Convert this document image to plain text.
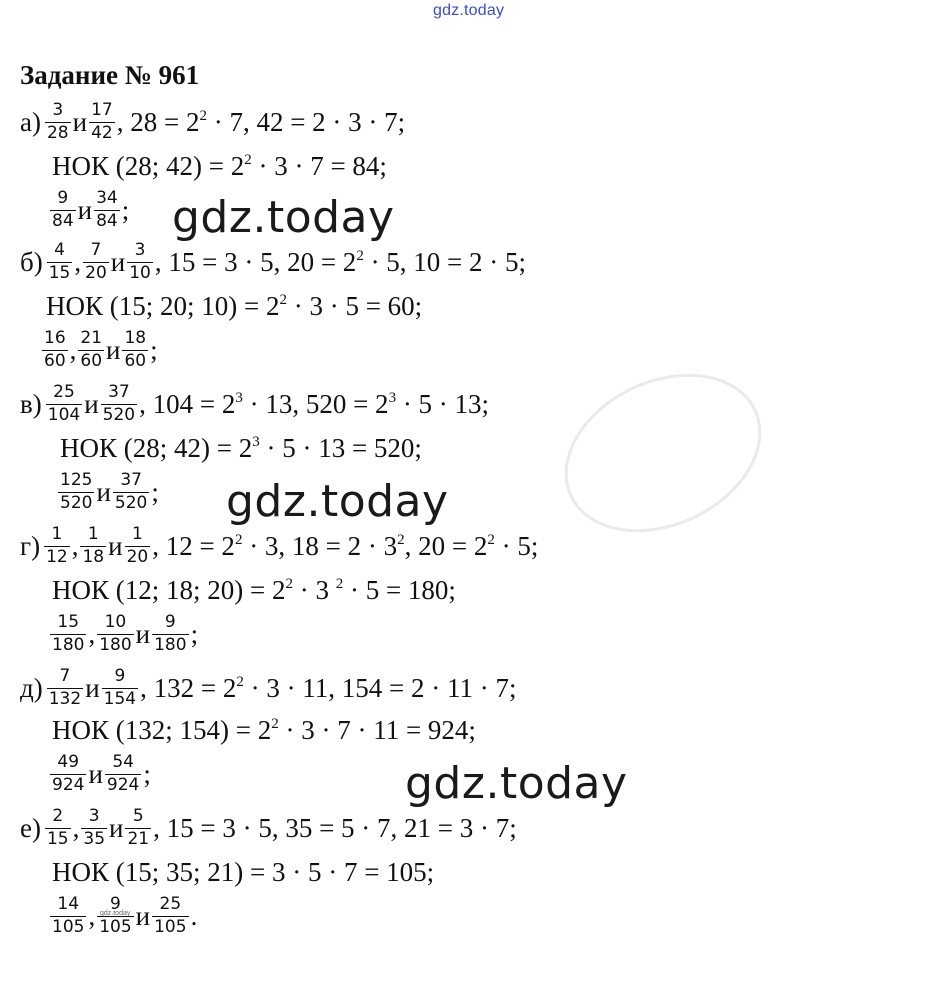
gdz.today
gdz.today
gdz.today
gdz.today
gdz.today
Задание № 961
$а) \frac{3}{28}$ и $\frac{17}{42}$ , $28 = 2^2 \cdot 7$, 42 = 2 · 3 · 7;
НОК (28; $42) = 2^2 \cdot 3 \cdot 7 = 84$;
$\frac{9}{84}$ и $\frac{34}{84}$ ;
$б) \frac{4}{15}$ , $\frac{7}{20}$ и $\frac{3}{10}$ , 15 = 3 · 5, $20 = 2^2 \cdot 5$, 10 = 2 · 5;
НОК (15; 20; $10) = 2^2 \cdot 3 \cdot 5 = 60$;
$\frac{16}{60}$ , $\frac{21}{60}$ и $\frac{18}{60}$ ;
$в) \frac{25}{104}$ и $\frac{37}{520}$ , $104 = 2^3 \cdot 13$, $520 = 2^3 \cdot 5 \cdot 13$;
НОК (28; $42) = 2^3 \cdot 5 \cdot 13 = 520$;
$\frac{125}{520}$ и $\frac{37}{520}$ ;
$г) \frac{1}{12}$ , $\frac{1}{18}$ и $\frac{1}{20}$ , $12 = 2^2 \cdot 3$, $18 = 2 \cdot 3^2$, $20 = 2^2 \cdot 5$;
НОК (12; 18; $20) = 2^2 \cdot 3$ $^2$ · 5 = 180;
$\frac{15}{180}$ , $\frac{10}{180}$ и $\frac{9}{180}$ ;
$д) \frac{7}{132}$ и $\frac{9}{154}$ , $132 = 2^2 \cdot 3 \cdot 11$, 154 = 2 · 11 · 7;
НОК (132; $154) = 2^2 \cdot 3 \cdot 7 \cdot 11 = 924$;
$\frac{49}{924}$ и $\frac{54}{924}$ ;
$е) \frac{2}{15}$ , $\frac{3}{35}$ и $\frac{5}{21}$ , 15 = 3 · 5, 35 = 5 · 7, 21 = 3 · 7;
НОК (15; 35; 21) = 3 · 5 · 7 = 105;
$\frac{14}{105}$ , $\frac{9}{105}$ и $\frac{25}{105}$ .
